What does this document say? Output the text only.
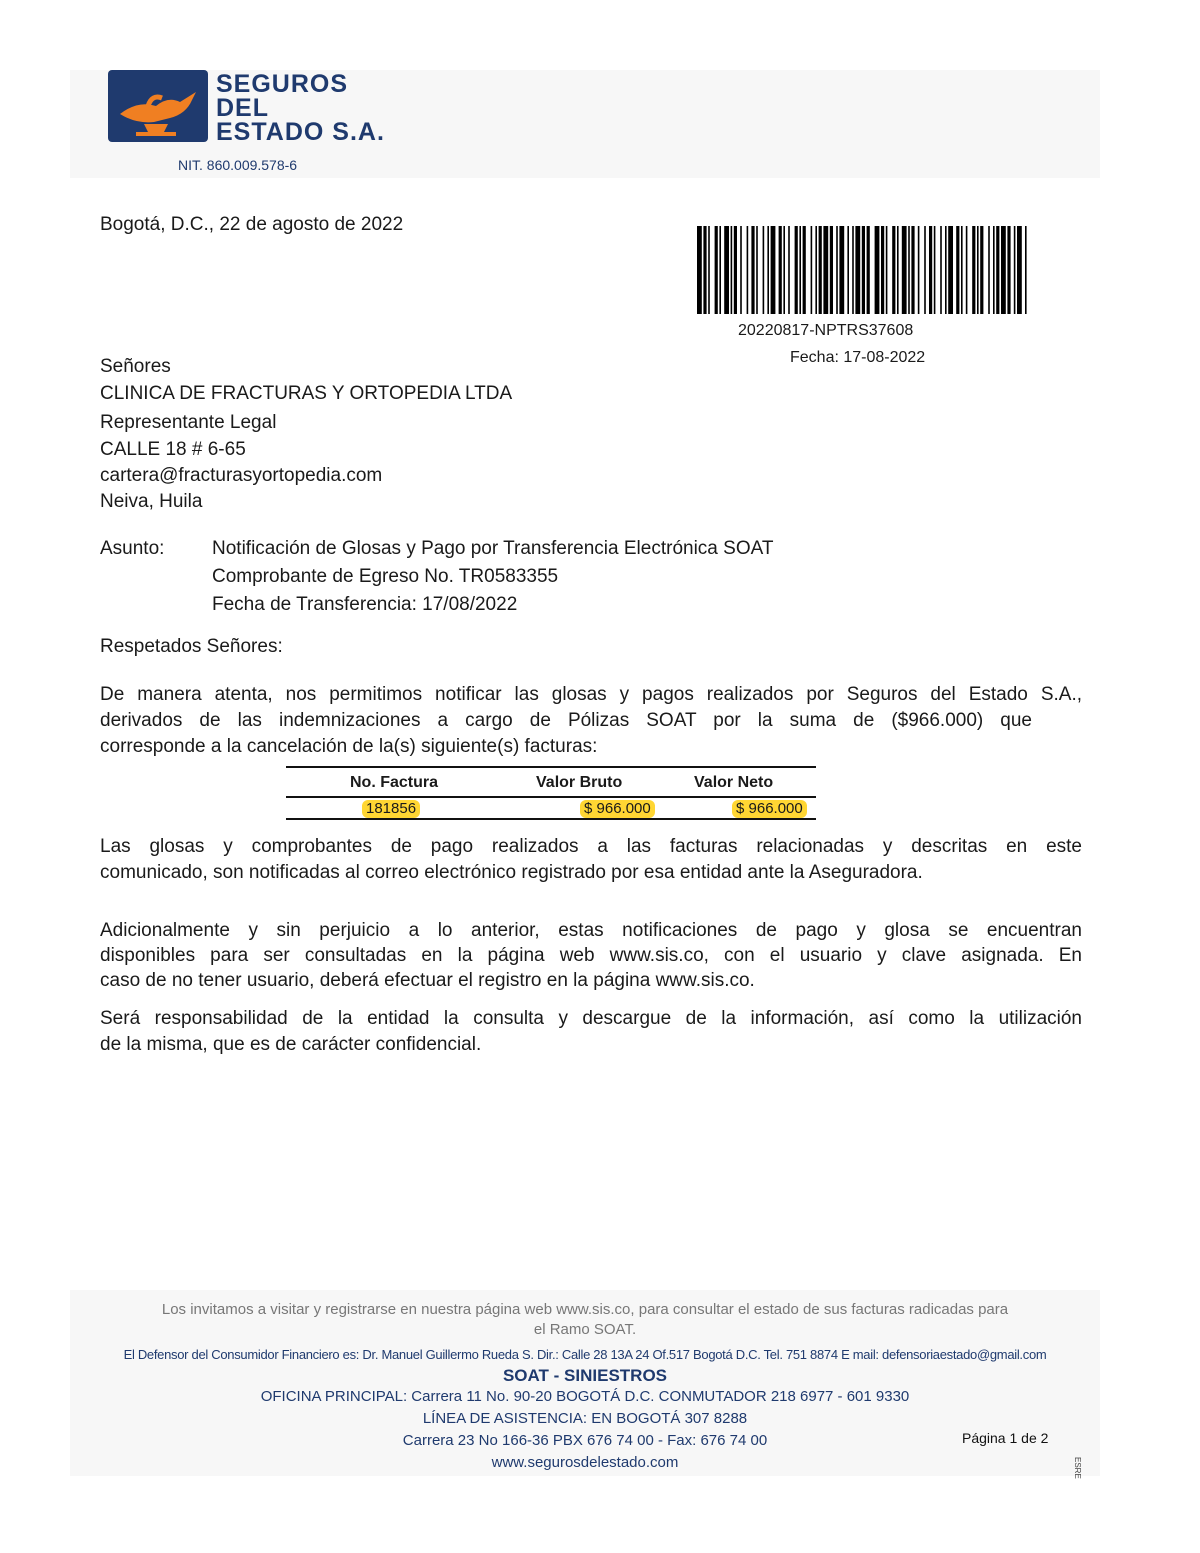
SEGUROS
DEL
ESTADO S.A.
NIT. 860.009.578-6
Bogotá, D.C., 22 de agosto de 2022
20220817-NPTRS37608
Fecha: 17-08-2022
Señores
CLINICA DE FRACTURAS Y ORTOPEDIA LTDA
Representante Legal
CALLE 18 # 6-65
cartera@fracturasyortopedia.com
Neiva, Huila
Asunto:	Notificación de Glosas y Pago por Transferencia Electrónica SOAT
Comprobante de Egreso No. TR0583355
Fecha de Transferencia: 17/08/2022
Respetados Señores:
De manera atenta, nos permitimos notificar las glosas y pagos realizados por Seguros del Estado S.A.,
derivados de las indemnizaciones a cargo de Pólizas SOAT por la suma de ($966.000) que
corresponde a la cancelación de la(s) siguiente(s) facturas:
No. Factura	Valor Bruto	Valor Neto
181856	$ 966.000	$ 966.000
Las glosas y comprobantes de pago realizados a las facturas relacionadas y descritas en este
comunicado, son notificadas al correo electrónico registrado por esa entidad ante la Aseguradora.
Adicionalmente y sin perjuicio a lo anterior, estas notificaciones de pago y glosa se encuentran
disponibles para ser consultadas en la página web www.sis.co, con el usuario y clave asignada. En
caso de no tener usuario, deberá efectuar el registro en la página www.sis.co.
Será responsabilidad de la entidad la consulta y descargue de la información, así como la utilización
de la misma, que es de carácter confidencial.
Los invitamos a visitar y registrarse en nuestra página web www.sis.co, para consultar el estado de sus facturas radicadas para
el Ramo SOAT.
El Defensor del Consumidor Financiero es: Dr. Manuel Guillermo Rueda S. Dir.: Calle 28 13A 24 Of.517 Bogotá D.C. Tel. 751 8874 E mail: defensoriaestado@gmail.com
SOAT - SINIESTROS
OFICINA PRINCIPAL: Carrera 11 No. 90-20 BOGOTÁ D.C. CONMUTADOR 218 6977 - 601 9330
LÍNEA DE ASISTENCIA: EN BOGOTÁ 307 8288
Carrera 23 No 166-36 PBX 676 74 00 - Fax: 676 74 00
www.segurosdelestado.com
Página 1 de 2
ESRE
